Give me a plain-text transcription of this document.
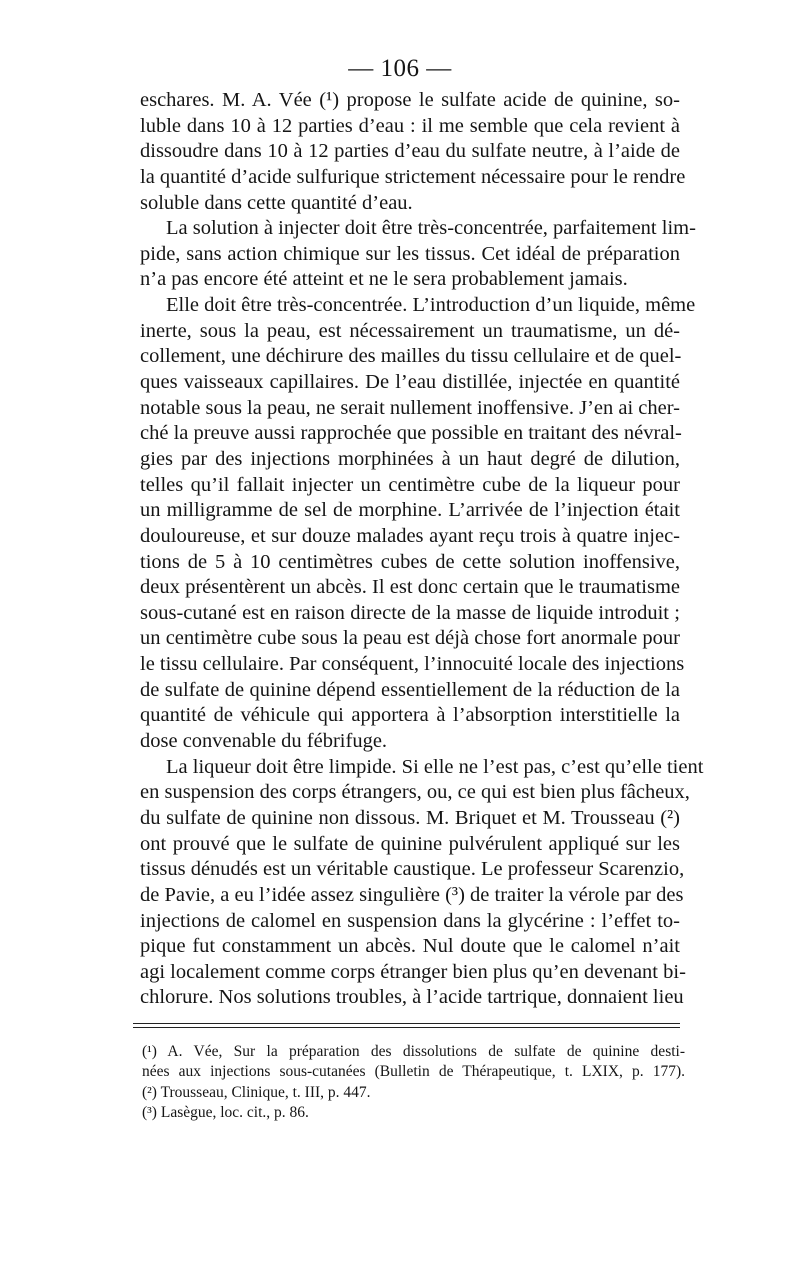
— 106 —
eschares. M. A. Vée (¹) propose le sulfate acide de quinine, so-
luble dans 10 à 12 parties d’eau : il me semble que cela revient à
dissoudre dans 10 à 12 parties d’eau du sulfate neutre, à l’aide de
la quantité d’acide sulfurique strictement nécessaire pour le rendre
soluble dans cette quantité d’eau.
La solution à injecter doit être très-concentrée, parfaitement lim-
pide, sans action chimique sur les tissus. Cet idéal de préparation
n’a pas encore été atteint et ne le sera probablement jamais.
Elle doit être très-concentrée. L’introduction d’un liquide, même
inerte, sous la peau, est nécessairement un traumatisme, un dé-
collement, une déchirure des mailles du tissu cellulaire et de quel-
ques vaisseaux capillaires. De l’eau distillée, injectée en quantité
notable sous la peau, ne serait nullement inoffensive. J’en ai cher-
ché la preuve aussi rapprochée que possible en traitant des névral-
gies par des injections morphinées à un haut degré de dilution,
telles qu’il fallait injecter un centimètre cube de la liqueur pour
un milligramme de sel de morphine. L’arrivée de l’injection était
douloureuse, et sur douze malades ayant reçu trois à quatre injec-
tions de 5 à 10 centimètres cubes de cette solution inoffensive,
deux présentèrent un abcès. Il est donc certain que le traumatisme
sous-cutané est en raison directe de la masse de liquide introduit ;
un centimètre cube sous la peau est déjà chose fort anormale pour
le tissu cellulaire. Par conséquent, l’innocuité locale des injections
de sulfate de quinine dépend essentiellement de la réduction de la
quantité de véhicule qui apportera à l’absorption interstitielle la
dose convenable du fébrifuge.
La liqueur doit être limpide. Si elle ne l’est pas, c’est qu’elle tient
en suspension des corps étrangers, ou, ce qui est bien plus fâcheux,
du sulfate de quinine non dissous. M. Briquet et M. Trousseau (²)
ont prouvé que le sulfate de quinine pulvérulent appliqué sur les
tissus dénudés est un véritable caustique. Le professeur Scarenzio,
de Pavie, a eu l’idée assez singulière (³) de traiter la vérole par des
injections de calomel en suspension dans la glycérine : l’effet to-
pique fut constamment un abcès. Nul doute que le calomel n’ait
agi localement comme corps étranger bien plus qu’en devenant bi-
chlorure. Nos solutions troubles, à l’acide tartrique, donnaient lieu
(¹) A. Vée, Sur la préparation des dissolutions de sulfate de quinine desti-
nées aux injections sous-cutanées (Bulletin de Thérapeutique, t. LXIX, p. 177).
(²) Trousseau, Clinique, t. III, p. 447.
(³) Lasègue, loc. cit., p. 86.
